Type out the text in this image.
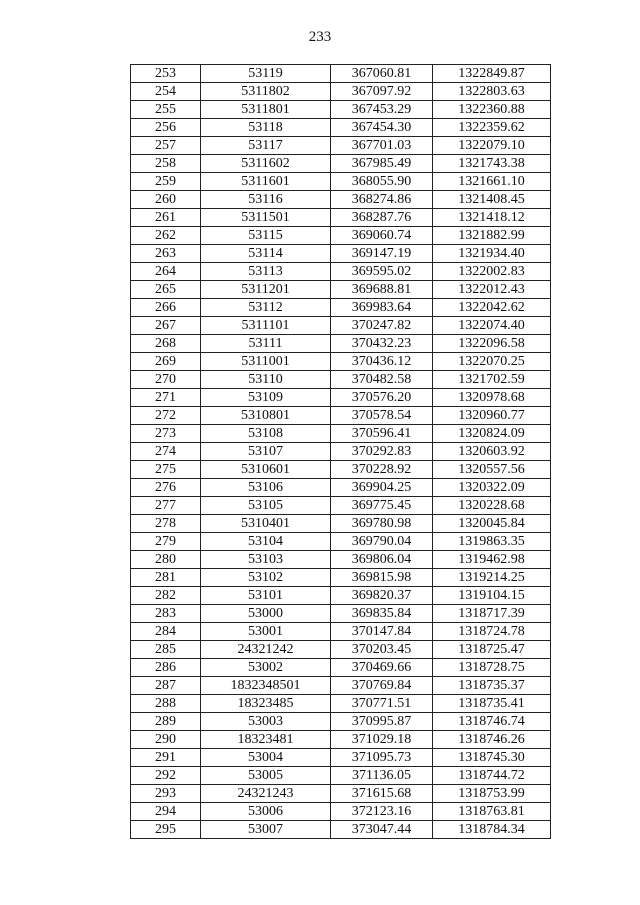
233
253	53119	367060.81	1322849.87
254	5311802	367097.92	1322803.63
255	5311801	367453.29	1322360.88
256	53118	367454.30	1322359.62
257	53117	367701.03	1322079.10
258	5311602	367985.49	1321743.38
259	5311601	368055.90	1321661.10
260	53116	368274.86	1321408.45
261	5311501	368287.76	1321418.12
262	53115	369060.74	1321882.99
263	53114	369147.19	1321934.40
264	53113	369595.02	1322002.83
265	5311201	369688.81	1322012.43
266	53112	369983.64	1322042.62
267	5311101	370247.82	1322074.40
268	53111	370432.23	1322096.58
269	5311001	370436.12	1322070.25
270	53110	370482.58	1321702.59
271	53109	370576.20	1320978.68
272	5310801	370578.54	1320960.77
273	53108	370596.41	1320824.09
274	53107	370292.83	1320603.92
275	5310601	370228.92	1320557.56
276	53106	369904.25	1320322.09
277	53105	369775.45	1320228.68
278	5310401	369780.98	1320045.84
279	53104	369790.04	1319863.35
280	53103	369806.04	1319462.98
281	53102	369815.98	1319214.25
282	53101	369820.37	1319104.15
283	53000	369835.84	1318717.39
284	53001	370147.84	1318724.78
285	24321242	370203.45	1318725.47
286	53002	370469.66	1318728.75
287	1832348501	370769.84	1318735.37
288	18323485	370771.51	1318735.41
289	53003	370995.87	1318746.74
290	18323481	371029.18	1318746.26
291	53004	371095.73	1318745.30
292	53005	371136.05	1318744.72
293	24321243	371615.68	1318753.99
294	53006	372123.16	1318763.81
295	53007	373047.44	1318784.34
